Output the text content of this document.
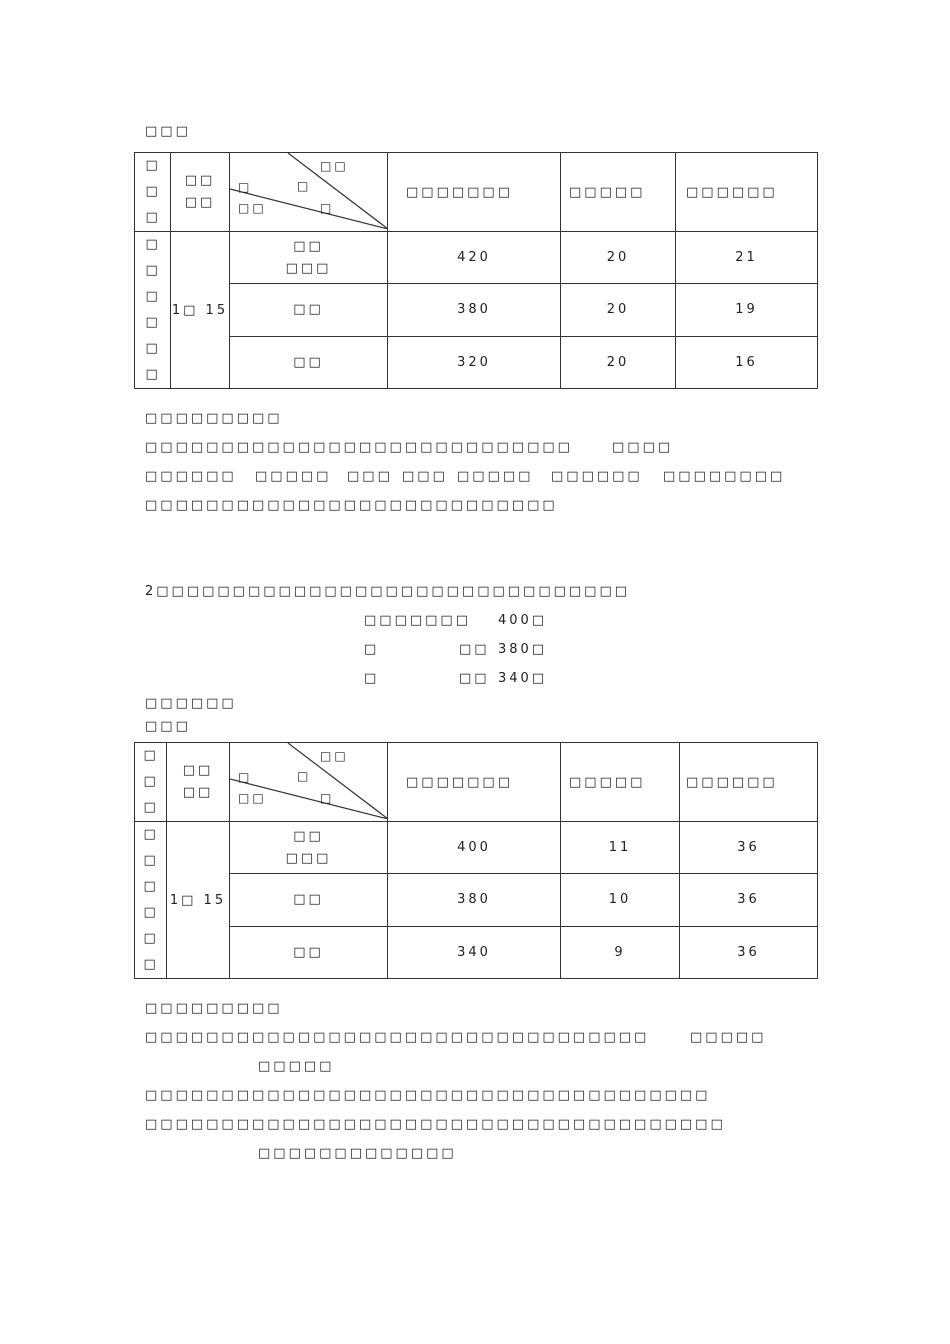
□□□
□□□	□□
□□	□□
□
□
□□ □	□□□□□□□	□□□□□	□□□□□□

□□□□□□	1□ 15	□□
□□□	420	20	21
		□□	380	20	19
		□□	320	20	16
□□□□□□□□□
□□□□□□□□□□□□□□□□□□□□□□□□□□□□	□□□□
□□□□□□ □□□□□ □□□ □□□ □□□□□ □□□□□□ □□□□□□□□
□□□□□□□□□□□□□□□□□□□□□□□□□□□
2□□□□□□□□□□□□□□□□□□□□□□□□□□□□□□□
□□□□□□□ 400□
□	□□ 380□
□	□□ 340□
□□□□□□
□□□
□□□	□□
□□	□□
□
□
□□ □	□□□□□□□	□□□□□	□□□□□□

□□□□□□	1□ 15	□□
□□□	400	11	36
		□□	380	10	36
		□□	340	9	36
□□□□□□□□□
□□□□□□□□□□□□□□□□□□□□□□□□□□□□□□□□□	□□□□□
□□□□□
□□□□□□□□□□□□□□□□□□□□□□□□□□□□□□□□□□□□□
□□□□□□□□□□□□□□□□□□□□□□□□□□□□□□□□□□□□□□
□□□□□□□□□□□□□
